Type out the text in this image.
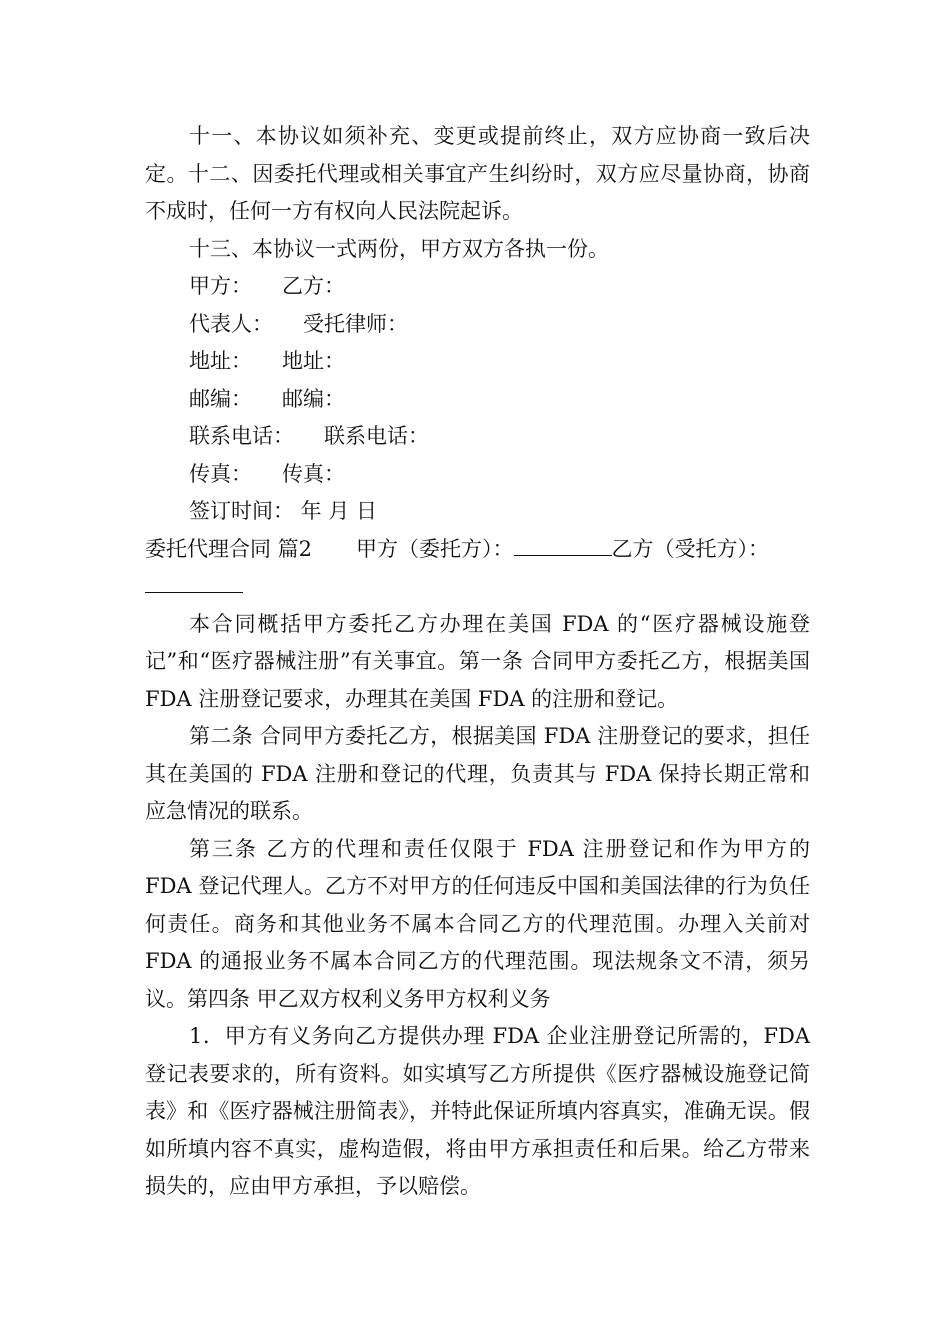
十一、本协议如须补充、变更或提前终止，双方应协商一致后决定。十二、因委托代理或相关事宜产生纠纷时，双方应尽量协商，协商不成时，任何一方有权向人民法院起诉。

十三、本协议一式两份，甲方双方各执一份。

甲方： 乙方：

代表人： 受托律师：

地址： 地址：

邮编： 邮编：

联系电话： 联系电话：

传真： 传真：

签订时间： 年 月 日

委托代理合同 篇2 甲方（委托方）：	乙方（受托方）：

本合同概括甲方委托乙方办理在美国 FDA 的“医疗器械设施登记”和“医疗器械注册”有关事宜。第一条 合同甲方委托乙方，根据美国 FDA 注册登记要求，办理其在美国 FDA 的注册和登记。

第二条 合同甲方委托乙方，根据美国 FDA 注册登记的要求，担任其在美国的 FDA 注册和登记的代理，负责其与 FDA 保持长期正常和应急情况的联系。

第三条 乙方的代理和责任仅限于 FDA 注册登记和作为甲方的 FDA 登记代理人。乙方不对甲方的任何违反中国和美国法律的行为负任何责任。商务和其他业务不属本合同乙方的代理范围。办理入关前对 FDA 的通报业务不属本合同乙方的代理范围。现法规条文不清，须另议。第四条 甲乙双方权利义务甲方权利义务

1．甲方有义务向乙方提供办理 FDA 企业注册登记所需的，FDA 登记表要求的，所有资料。如实填写乙方所提供《医疗器械设施登记简表》和《医疗器械注册简表》，并特此保证所填内容真实，准确无误。假如所填内容不真实，虚构造假，将由甲方承担责任和后果。给乙方带来损失的，应由甲方承担，予以赔偿。
